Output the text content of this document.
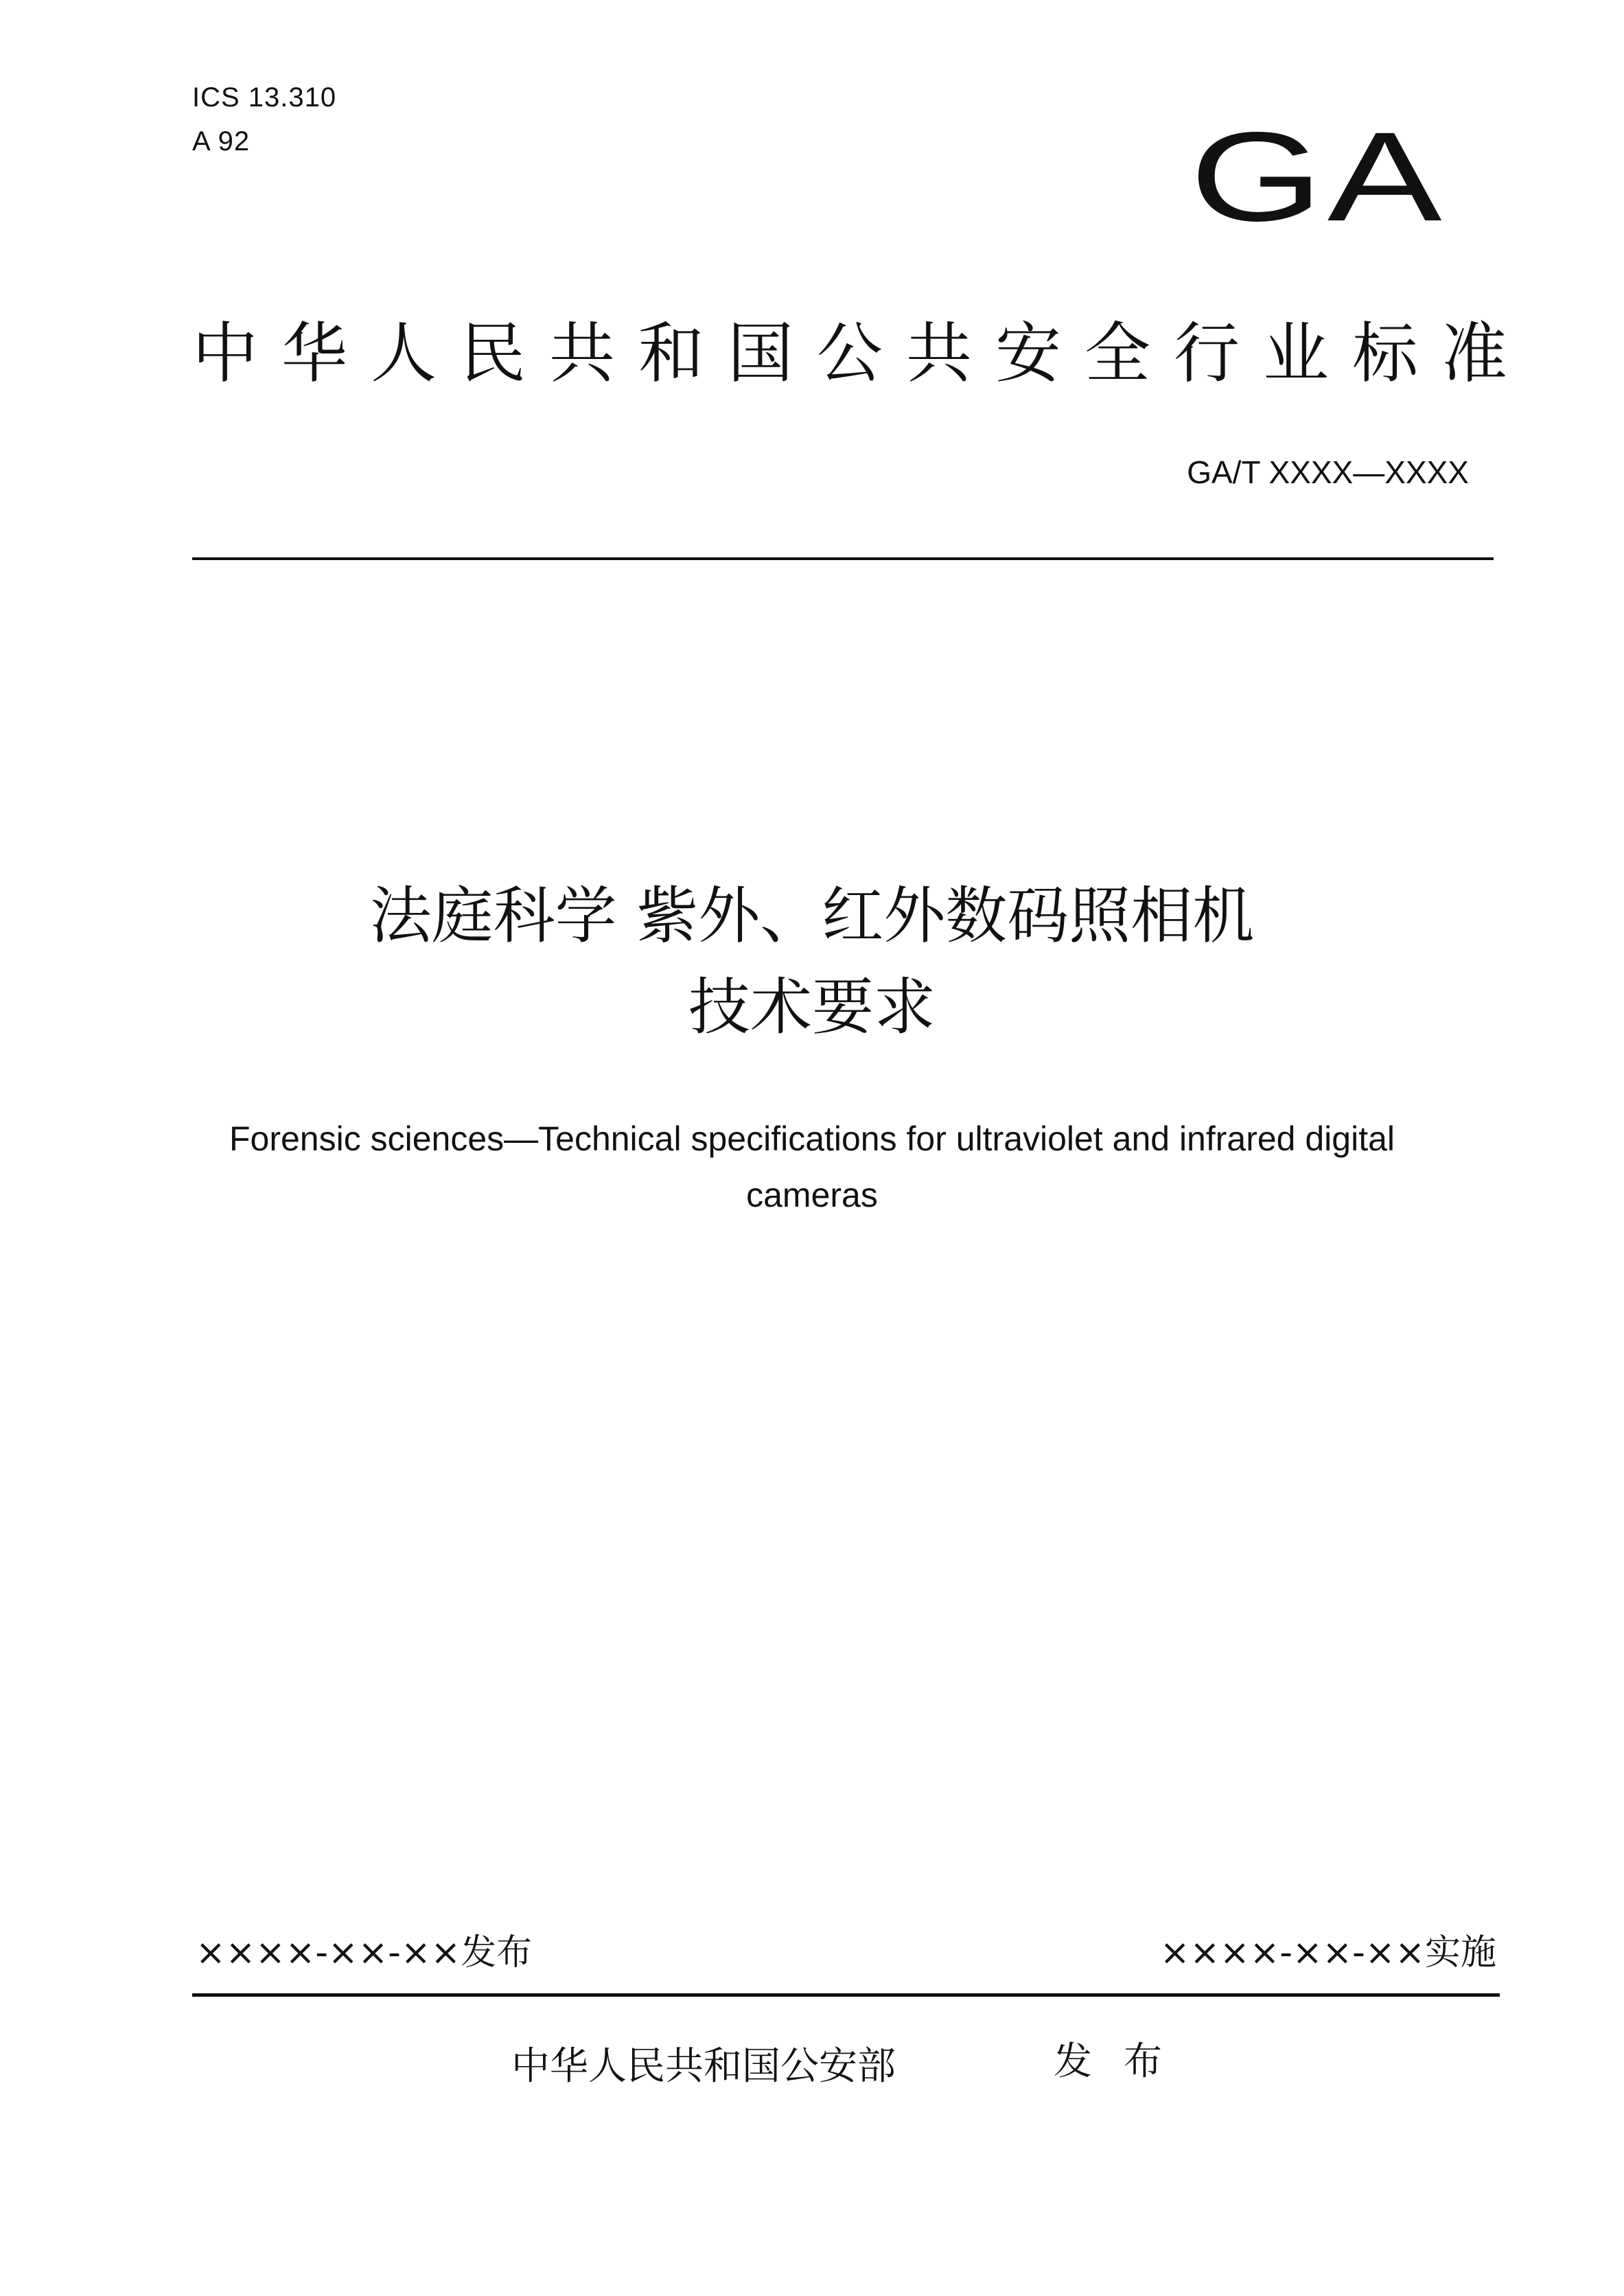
ICS 13.310
A 92	GA
中华人民共和国公共安全行业标准
GA/T XXXX—XXXX
法庭科学 紫外、红外数码照相机
技术要求
Forensic sciences—Technical specifications for ultraviolet and infrared digital
cameras
××××-××-××发布	××××-××-××实施
中华人民共和国公安部	发布
